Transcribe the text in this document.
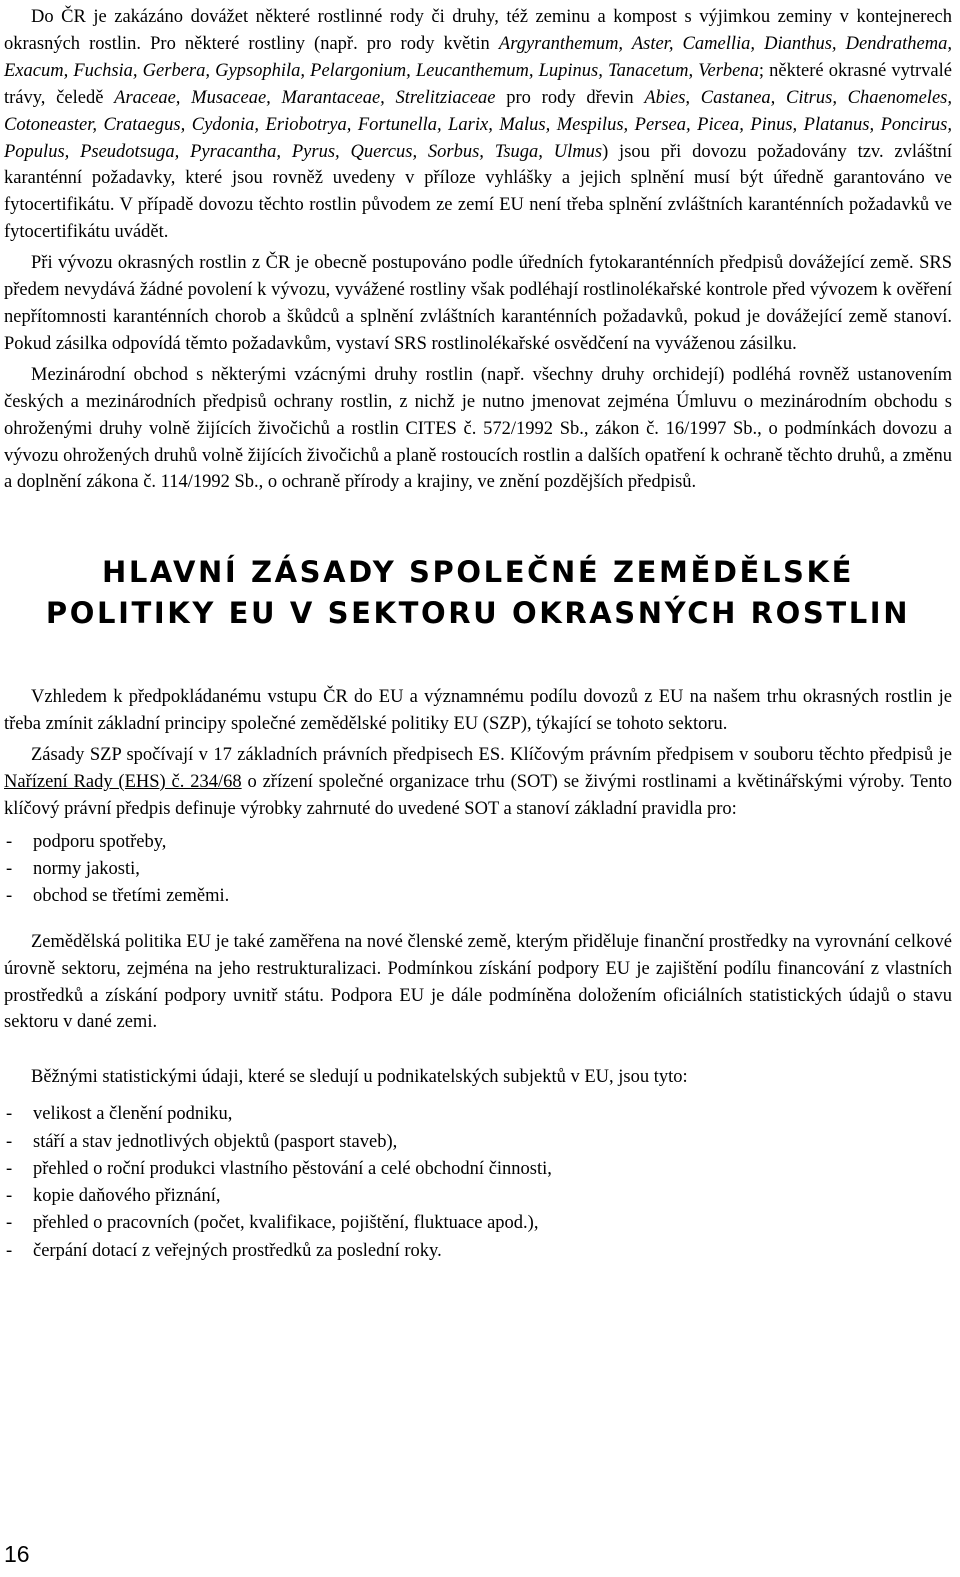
Do ČR je zakázáno dovážet některé rostlinné rody či druhy, též zeminu a kompost s výjimkou zeminy v kontejnerech okrasných rostlin. Pro některé rostliny (např. pro rody květin Argyranthemum, Aster, Camellia, Dianthus, Dendrathema, Exacum, Fuchsia, Gerbera, Gypsophila, Pelargonium, Leucanthemum, Lupinus, Tanacetum, Verbena; některé okrasné vytrvalé trávy, čeledě Araceae, Musaceae, Marantaceae, Strelitziaceae pro rody dřevin Abies, Castanea, Citrus, Chaenomeles, Cotoneaster, Crataegus, Cydonia, Eriobotrya, Fortunella, Larix, Malus, Mespilus, Persea, Picea, Pinus, Platanus, Poncirus, Populus, Pseudotsuga, Pyracantha, Pyrus, Quercus, Sorbus, Tsuga, Ulmus) jsou při dovozu požadovány tzv. zvláštní karanténní požadavky, které jsou rovněž uvedeny v příloze vyhlášky a jejich splnění musí být úředně garantováno ve fytocertifikátu. V případě dovozu těchto rostlin původem ze zemí EU není třeba splnění zvláštních karanténních požadavků ve fytocertifikátu uvádět.

Při vývozu okrasných rostlin z ČR je obecně postupováno podle úředních fytokaranténních předpisů dovážející země. SRS předem nevydává žádné povolení k vývozu, vyvážené rostliny však podléhají rostlinolékařské kontrole před vývozem k ověření nepřítomnosti karanténních chorob a škůdců a splnění zvláštních karanténních požadavků, pokud je dovážející země stanoví. Pokud zásilka odpovídá těmto požadavkům, vystaví SRS rostlinolékařské osvědčení na vyváženou zásilku.

Mezinárodní obchod s některými vzácnými druhy rostlin (např. všechny druhy orchidejí) podléhá rovněž ustanovením českých a mezinárodních předpisů ochrany rostlin, z nichž je nutno jmenovat zejména Úmluvu o mezinárodním obchodu s ohroženými druhy volně žijících živočichů a rostlin CITES č. 572/1992 Sb., zákon č. 16/1997 Sb., o podmínkách dovozu a vývozu ohrožených druhů volně žijících živočichů a planě rostoucích rostlin a dalších opatření k ochraně těchto druhů, a změnu a doplnění zákona č. 114/1992 Sb., o ochraně přírody a krajiny, ve znění pozdějších předpisů.

HLAVNÍ ZÁSADY SPOLEČNÉ ZEMĚDĚLSKÉ
POLITIKY EU V SEKTORU OKRASNÝCH ROSTLIN

Vzhledem k předpokládanému vstupu ČR do EU a významnému podílu dovozů z EU na našem trhu okrasných rostlin je třeba zmínit základní principy společné zemědělské politiky EU (SZP), týkající se tohoto sektoru.

Zásady SZP spočívají v 17 základních právních předpisech ES. Klíčovým právním předpisem v souboru těchto předpisů je Nařízení Rady (EHS) č. 234/68 o zřízení společné organizace trhu (SOT) se živými rostlinami a květinářskými výroby. Tento klíčový právní předpis definuje výrobky zahrnuté do uvedené SOT a stanoví základní pravidla pro:

- podporu spotřeby,
- normy jakosti,
- obchod se třetími zeměmi.

Zemědělská politika EU je také zaměřena na nové členské země, kterým přiděluje finanční prostředky na vyrovnání celkové úrovně sektoru, zejména na jeho restrukturalizaci. Podmínkou získání podpory EU je zajištění podílu financování z vlastních prostředků a získání podpory uvnitř státu. Podpora EU je dále podmíněna doložením oficiálních statistických údajů o stavu sektoru v dané zemi.

Běžnými statistickými údaji, které se sledují u podnikatelských subjektů v EU, jsou tyto:

- velikost a členění podniku,
- stáří a stav jednotlivých objektů (pasport staveb),
- přehled o roční produkci vlastního pěstování a celé obchodní činnosti,
- kopie daňového přiznání,
- přehled o pracovních (počet, kvalifikace, pojištění, fluktuace apod.),
- čerpání dotací z veřejných prostředků za poslední roky.
16
